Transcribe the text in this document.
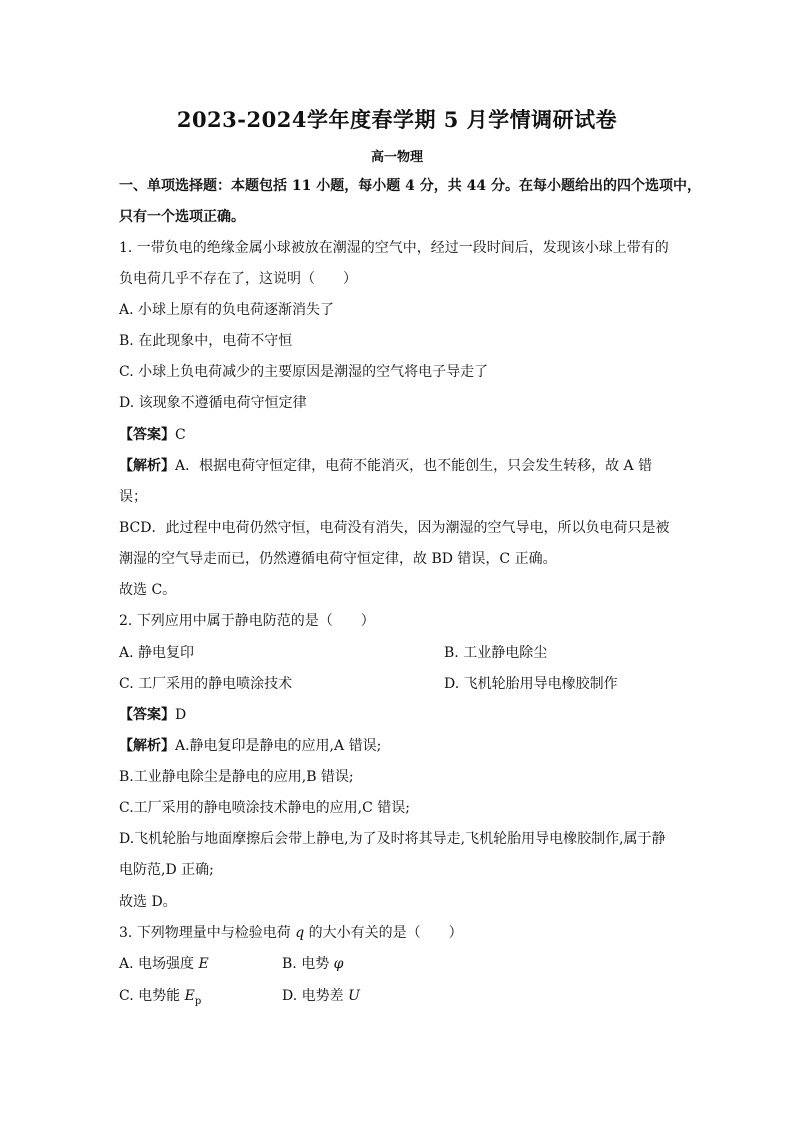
2023-2024学年度春学期 5 月学情调研试卷
高一物理
一、单项选择题：本题包括 11 小题，每小题 4 分，共 44 分。在每小题给出的四个选项中，
只有一个选项正确。
1. 一带负电的绝缘金属小球被放在潮湿的空气中，经过一段时间后，发现该小球上带有的
负电荷几乎不存在了，这说明（　　）
A. 小球上原有的负电荷逐渐消失了
B. 在此现象中，电荷不守恒
C. 小球上负电荷减少的主要原因是潮湿的空气将电子导走了
D. 该现象不遵循电荷守恒定律
【答案】C
【解析】A．根据电荷守恒定律，电荷不能消灭，也不能创生，只会发生转移，故 A 错
误；
BCD．此过程中电荷仍然守恒，电荷没有消失，因为潮湿的空气导电，所以负电荷只是被
潮湿的空气导走而已，仍然遵循电荷守恒定律，故 BD 错误，C 正确。
故选 C。
2. 下列应用中属于静电防范的是（　　）
A. 静电复印	B. 工业静电除尘
C. 工厂采用的静电喷涂技术	D. 飞机轮胎用导电橡胶制作
【答案】D
【解析】A.静电复印是静电的应用,A 错误;
B.工业静电除尘是静电的应用,B 错误;
C.工厂采用的静电喷涂技术静电的应用,C 错误;
D.飞机轮胎与地面摩擦后会带上静电,为了及时将其导走,飞机轮胎用导电橡胶制作,属于静
电防范,D 正确;
故选 D。
3. 下列物理量中与检验电荷 q 的大小有关的是（　　）
A. 电场强度 E	B. 电势 φ
C. 电势能 $E_p$	D. 电势差 U
